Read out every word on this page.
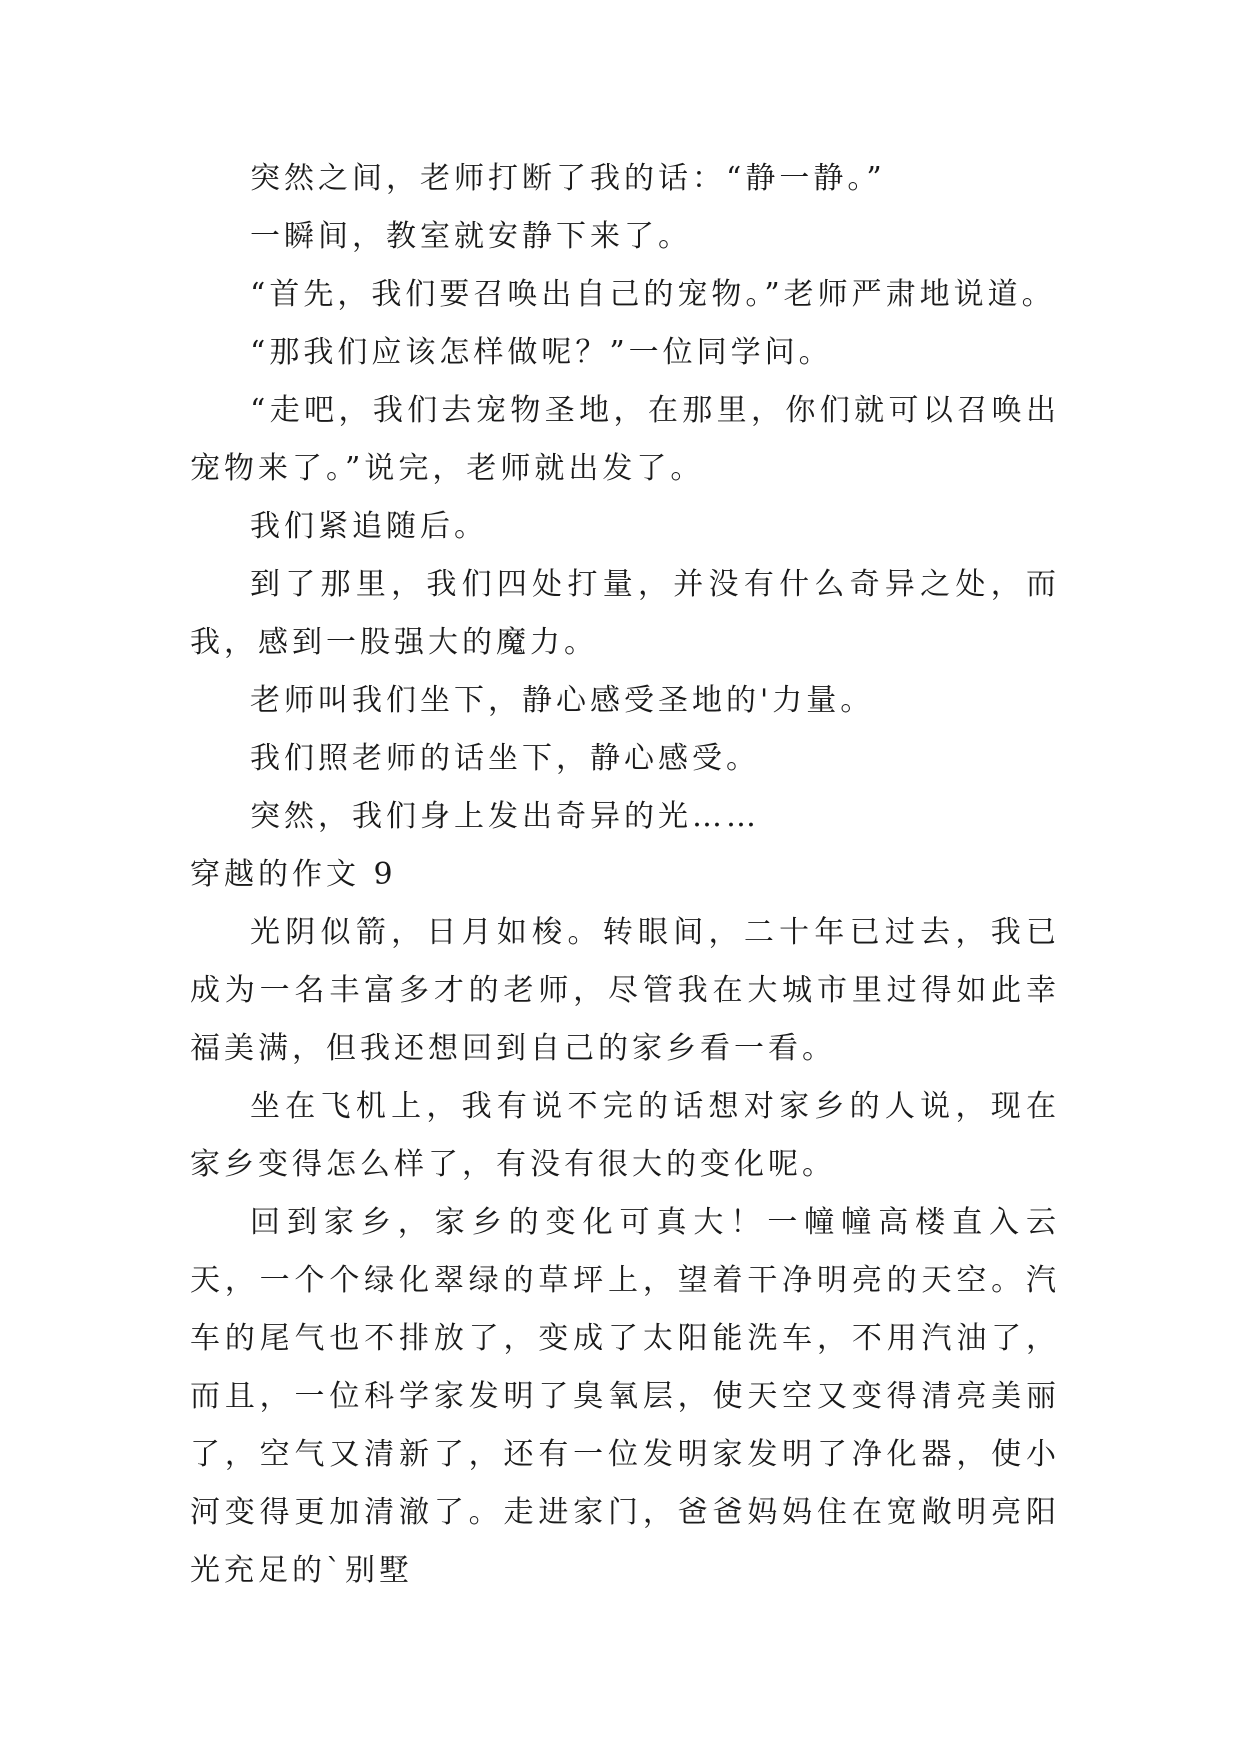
突然之间，老师打断了我的话：“静一静。”

一瞬间，教室就安静下来了。

“首先，我们要召唤出自己的宠物。”老师严肃地说道。

“那我们应该怎样做呢？”一位同学问。

“走吧，我们去宠物圣地，在那里，你们就可以召唤出宠物来了。”说完，老师就出发了。

我们紧追随后。

到了那里，我们四处打量，并没有什么奇异之处，而我，感到一股强大的魔力。

老师叫我们坐下，静心感受圣地的'力量。

我们照老师的话坐下，静心感受。

突然，我们身上发出奇异的光……

穿越的作文 9

光阴似箭，日月如梭。转眼间，二十年已过去，我已成为一名丰富多才的老师，尽管我在大城市里过得如此幸福美满，但我还想回到自己的家乡看一看。

坐在飞机上，我有说不完的话想对家乡的人说，现在家乡变得怎么样了，有没有很大的变化呢。

回到家乡，家乡的变化可真大！一幢幢高楼直入云天，一个个绿化翠绿的草坪上，望着干净明亮的天空。汽车的尾气也不排放了，变成了太阳能洗车，不用汽油了，而且，一位科学家发明了臭氧层，使天空又变得清亮美丽了，空气又清新了，还有一位发明家发明了净化器，使小河变得更加清澈了。走进家门，爸爸妈妈住在宽敞明亮阳光充足的`别墅
